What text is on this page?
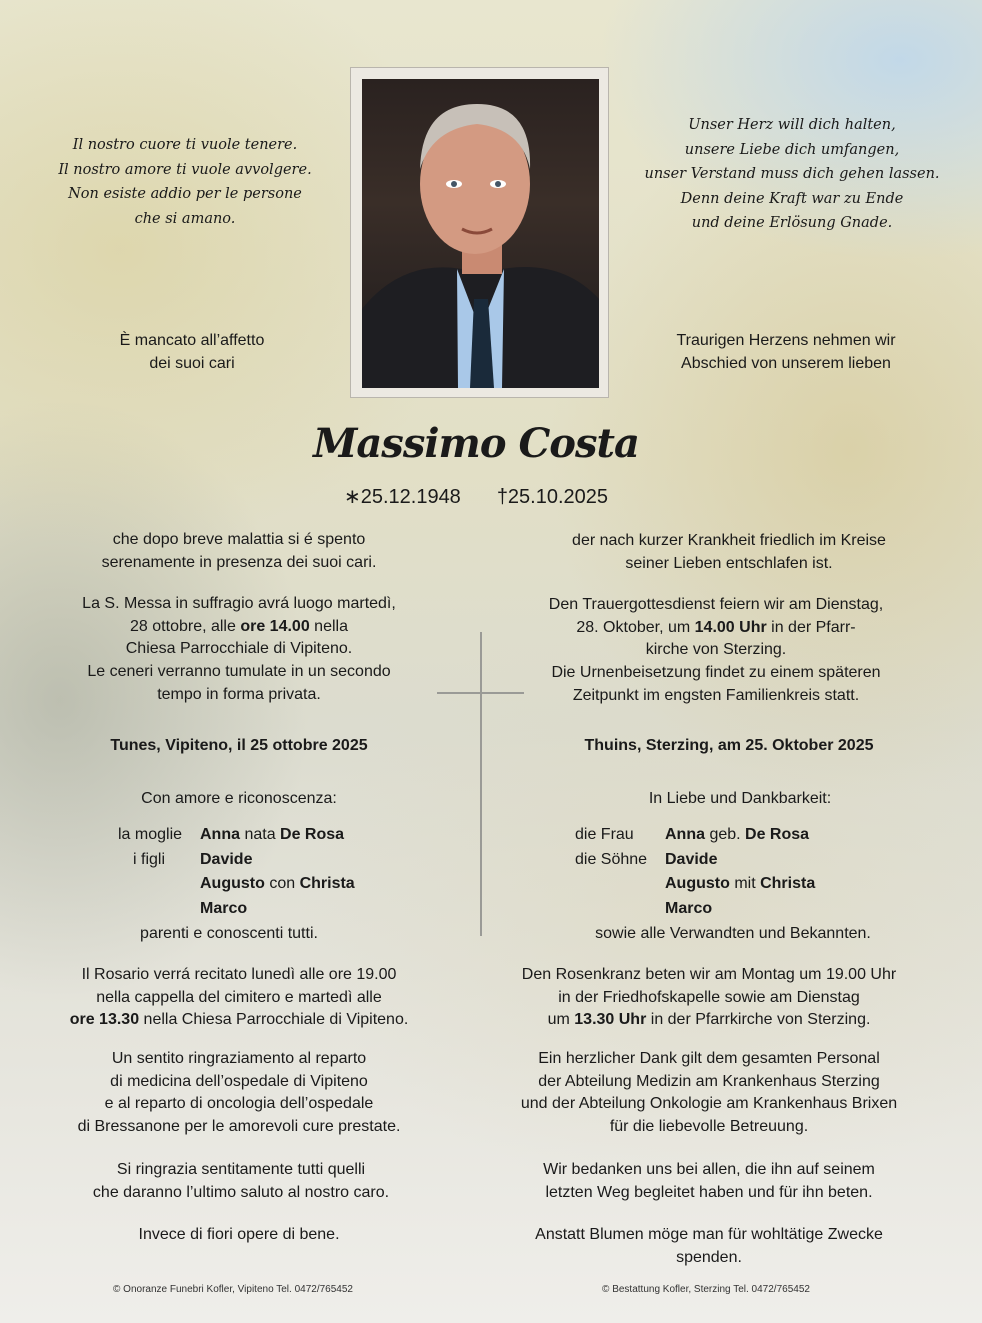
Il nostro cuore ti vuole tenere.
Il nostro amore ti vuole avvolgere.
Non esiste addio per le persone
che si amano.
Unser Herz will dich halten,
unsere Liebe dich umfangen,
unser Verstand muss dich gehen lassen.
Denn deine Kraft war zu Ende
und deine Erlösung Gnade.
È mancato all’affetto
dei suoi cari
Traurigen Herzens nehmen wir
Abschied von unserem lieben
Massimo Costa
∗25.12.1948 †25.10.2025
che dopo breve malattia si é spento
serenamente in presenza dei suoi cari.
der nach kurzer Krankheit friedlich im Kreise
seiner Lieben entschlafen ist.
La S. Messa in suffragio avrá luogo martedì,
28 ottobre, alle ore 14.00 nella
Chiesa Parrocchiale di Vipiteno.
Le ceneri verranno tumulate in un secondo
tempo in forma privata.
Den Trauergottesdienst feiern wir am Dienstag,
28. Oktober, um 14.00 Uhr in der Pfarr-
kirche von Sterzing.
Die Urnenbeisetzung findet zu einem späteren
Zeitpunkt im engsten Familienkreis statt.
Tunes, Vipiteno, il 25 ottobre 2025	Thuins, Sterzing, am 25. Oktober 2025
Con amore e riconoscenza:	In Liebe und Dankbarkeit:
la moglie Anna nata De Rosa
i figli Davide
Augusto con Christa
Marco
die Frau Anna geb. De Rosa
die Söhne Davide
Augusto mit Christa
Marco
parenti e conoscenti tutti.	sowie alle Verwandten und Bekannten.
Il Rosario verrá recitato lunedì alle ore 19.00
nella cappella del cimitero e martedì alle
ore 13.30 nella Chiesa Parrocchiale di Vipiteno.
Den Rosenkranz beten wir am Montag um 19.00 Uhr
in der Friedhofskapelle sowie am Dienstag
um 13.30 Uhr in der Pfarrkirche von Sterzing.
Un sentito ringraziamento al reparto
di medicina dell’ospedale di Vipiteno
e al reparto di oncologia dell’ospedale
di Bressanone per le amorevoli cure prestate.
Ein herzlicher Dank gilt dem gesamten Personal
der Abteilung Medizin am Krankenhaus Sterzing
und der Abteilung Onkologie am Krankenhaus Brixen
für die liebevolle Betreuung.
Si ringrazia sentitamente tutti quelli
che daranno l’ultimo saluto al nostro caro.
Wir bedanken uns bei allen, die ihn auf seinem
letzten Weg begleitet haben und für ihn beten.
Invece di fiori opere di bene.	Anstatt Blumen möge man für wohltätige Zwecke
spenden.
© Onoranze Funebri Kofler, Vipiteno Tel. 0472/765452	© Bestattung Kofler, Sterzing Tel. 0472/765452
